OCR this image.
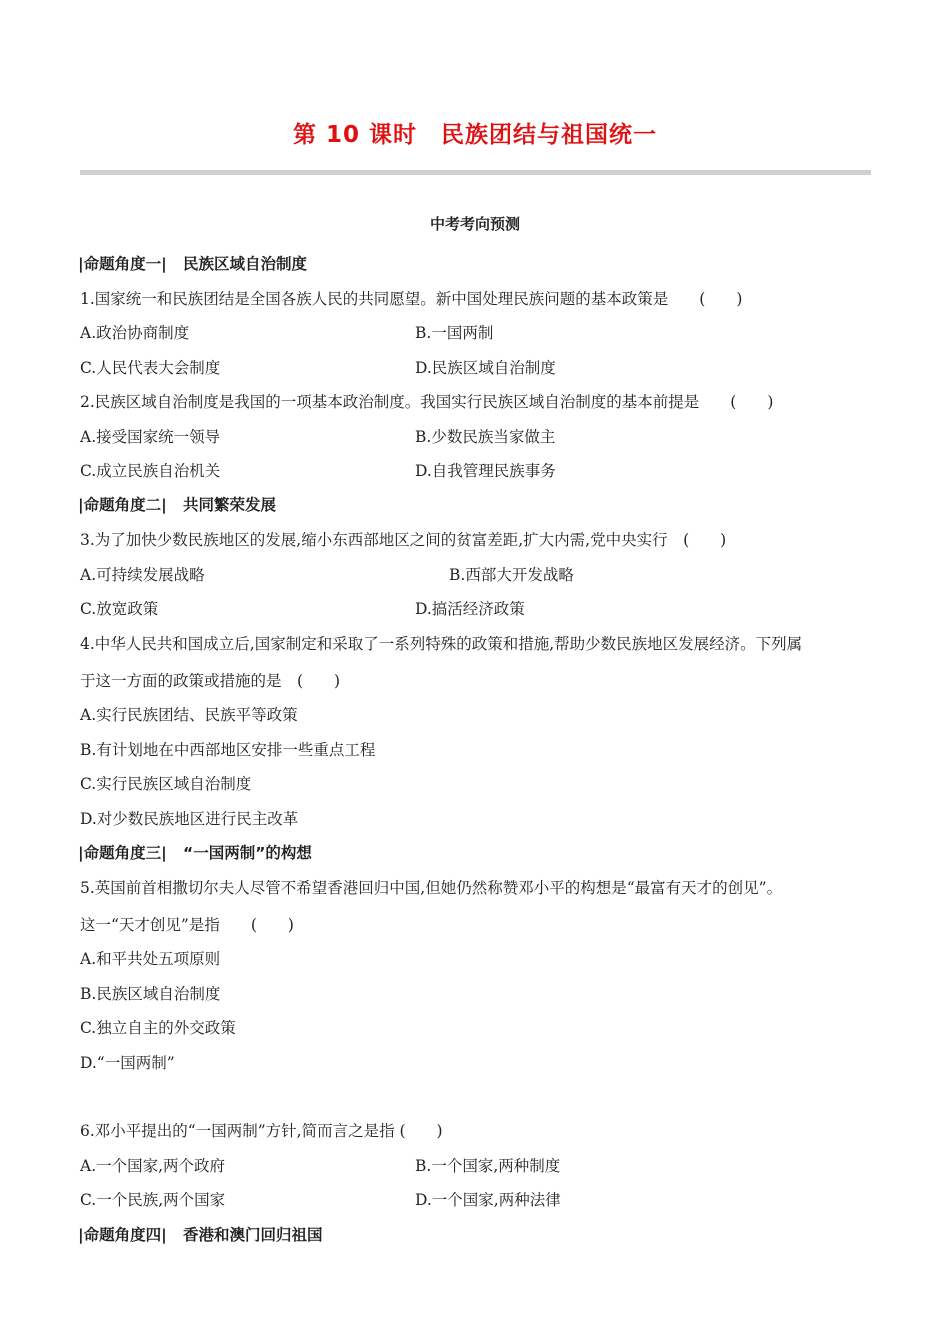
第 10 课时　民族团结与祖国统一
中考考向预测
|命题角度一| 民族区域自治制度
1.国家统一和民族团结是全国各族人民的共同愿望。新中国处理民族问题的基本政策是　　(　　)
A.政治协商制度	B.一国两制
C.人民代表大会制度	D.民族区域自治制度
2.民族区域自治制度是我国的一项基本政治制度。我国实行民族区域自治制度的基本前提是　　(　　)
A.接受国家统一领导	B.少数民族当家做主
C.成立民族自治机关	D.自我管理民族事务
|命题角度二| 共同繁荣发展
3.为了加快少数民族地区的发展,缩小东西部地区之间的贫富差距,扩大内需,党中央实行　(　　)
A.可持续发展战略	B.西部大开发战略
C.放宽政策	D.搞活经济政策
4.中华人民共和国成立后,国家制定和采取了一系列特殊的政策和措施,帮助少数民族地区发展经济。下列属
于这一方面的政策或措施的是　(　　)
A.实行民族团结、民族平等政策
B.有计划地在中西部地区安排一些重点工程
C.实行民族区域自治制度
D.对少数民族地区进行民主改革
|命题角度三| “一国两制”的构想
5.英国前首相撒切尔夫人尽管不希望香港回归中国,但她仍然称赞邓小平的构想是“最富有天才的创见”。
这一“天才创见”是指　　(　　)
A.和平共处五项原则
B.民族区域自治制度
C.独立自主的外交政策
D.“一国两制”
6.邓小平提出的“一国两制”方针,简而言之是指 (　　)
A.一个国家,两个政府	B.一个国家,两种制度
C.一个民族,两个国家	D.一个国家,两种法律
|命题角度四| 香港和澳门回归祖国
